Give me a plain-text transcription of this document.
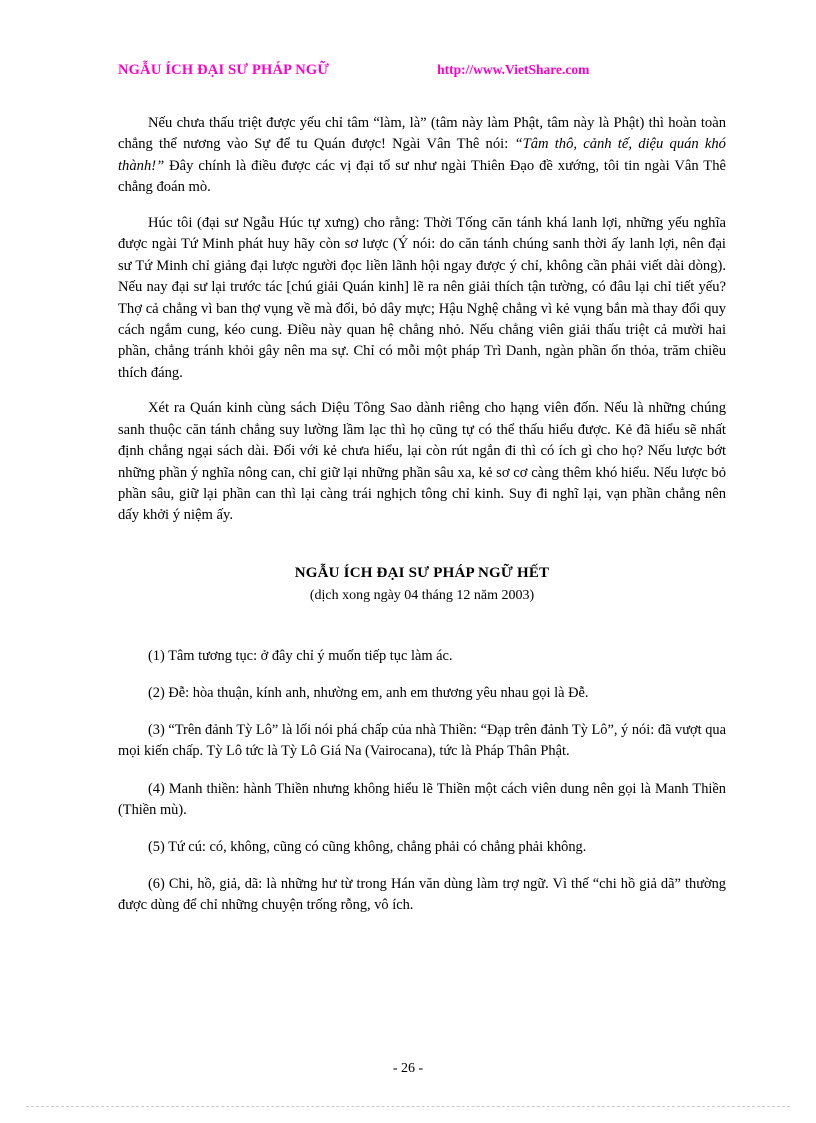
NGẪU ÍCH ĐẠI SƯ PHÁP NGỮ	http://www.VietShare.com

Nếu chưa thấu triệt được yếu chỉ tâm “làm, là” (tâm này làm Phật, tâm này là Phật) thì hoàn toàn chẳng thể nương vào Sự để tu Quán được! Ngài Vân Thê nói: “Tâm thô, cảnh tế, diệu quán khó thành!” Đây chính là điều được các vị đại tổ sư như ngài Thiên Đạo đề xướng, tôi tin ngài Vân Thê chẳng đoán mò.

Húc tôi (đại sư Ngẫu Húc tự xưng) cho rằng: Thời Tống căn tánh khá lanh lợi, những yếu nghĩa được ngài Tứ Minh phát huy hãy còn sơ lược (Ý nói: do căn tánh chúng sanh thời ấy lanh lợi, nên đại sư Tứ Minh chỉ giảng đại lược người đọc liền lãnh hội ngay được ý chỉ, không cần phải viết dài dòng). Nếu nay đại sư lại trước tác [chú giải Quán kinh] lẽ ra nên giải thích tận tường, có đâu lại chỉ tiết yếu? Thợ cả chẳng vì ban thợ vụng về mà đổi, bỏ dây mực; Hậu Nghệ chẳng vì kẻ vụng bắn mà thay đổi quy cách ngắm cung, kéo cung. Điều này quan hệ chẳng nhỏ. Nếu chẳng viên giải thấu triệt cả mười hai phần, chẳng tránh khỏi gây nên ma sự. Chỉ có mỗi một pháp Trì Danh, ngàn phần ổn thỏa, trăm chiều thích đáng.

Xét ra Quán kinh cùng sách Diệu Tông Sao dành riêng cho hạng viên đốn. Nếu là những chúng sanh thuộc căn tánh chẳng suy lường lầm lạc thì họ cũng tự có thể thấu hiểu được. Kẻ đã hiểu sẽ nhất định chẳng ngại sách dài. Đối với kẻ chưa hiểu, lại còn rút ngắn đi thì có ích gì cho họ? Nếu lược bớt những phần ý nghĩa nông can, chỉ giữ lại những phần sâu xa, kẻ sơ cơ càng thêm khó hiểu. Nếu lược bỏ phần sâu, giữ lại phần can thì lại càng trái nghịch tông chỉ kinh. Suy đi nghĩ lại, vạn phần chẳng nên dấy khởi ý niệm ấy.

NGẪU ÍCH ĐẠI SƯ PHÁP NGỮ HẾT
(dịch xong ngày 04 tháng 12 năm 2003)

(1) Tâm tương tục: ở đây chỉ ý muốn tiếp tục làm ác.

(2) Đễ: hòa thuận, kính anh, nhường em, anh em thương yêu nhau gọi là Đễ.

(3) “Trên đảnh Tỳ Lô” là lối nói phá chấp của nhà Thiền: “Đạp trên đảnh Tỳ Lô”, ý nói: đã vượt qua mọi kiến chấp. Tỳ Lô tức là Tỳ Lô Giá Na (Vairocana), tức là Pháp Thân Phật.

(4) Manh thiền: hành Thiền nhưng không hiểu lẽ Thiền một cách viên dung nên gọi là Manh Thiền (Thiền mù).

(5) Tứ cú: có, không, cũng có cũng không, chẳng phải có chẳng phải không.

(6) Chi, hồ, giả, dã: là những hư từ trong Hán văn dùng làm trợ ngữ. Vì thế “chi hồ giả dã” thường được dùng để chỉ những chuyện trống rỗng, vô ích.

- 26 -
